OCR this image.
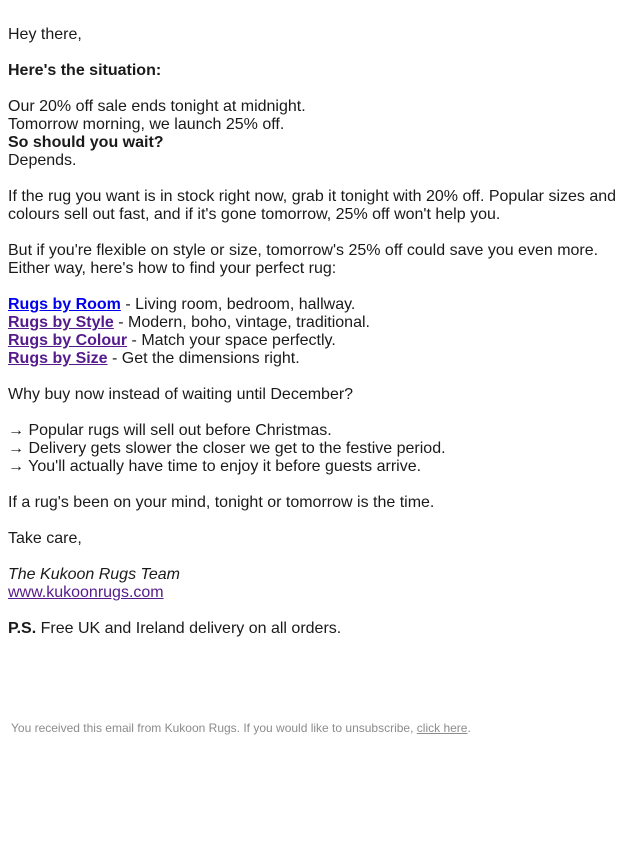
Hey there,

Here's the situation:

Our 20% off sale ends tonight at midnight.
Tomorrow morning, we launch 25% off.
So should you wait?
Depends.

If the rug you want is in stock right now, grab it tonight with 20% off. Popular sizes and colours sell out fast, and if it's gone tomorrow, 25% off won't help you.

But if you're flexible on style or size, tomorrow's 25% off could save you even more.
Either way, here's how to find your perfect rug:
Rugs by Room - Living room, bedroom, hallway.
Rugs by Style - Modern, boho, vintage, traditional.
Rugs by Colour - Match your space perfectly.
Rugs by Size - Get the dimensions right.

Why buy now instead of waiting until December?

→ Popular rugs will sell out before Christmas.
→ Delivery gets slower the closer we get to the festive period.
→ You'll actually have time to enjoy it before guests arrive.

If a rug's been on your mind, tonight or tomorrow is the time.

Take care,

The Kukoon Rugs Team
www.kukoonrugs.com

P.S. Free UK and Ireland delivery on all orders.

You received this email from Kukoon Rugs. If you would like to unsubscribe, click here.
